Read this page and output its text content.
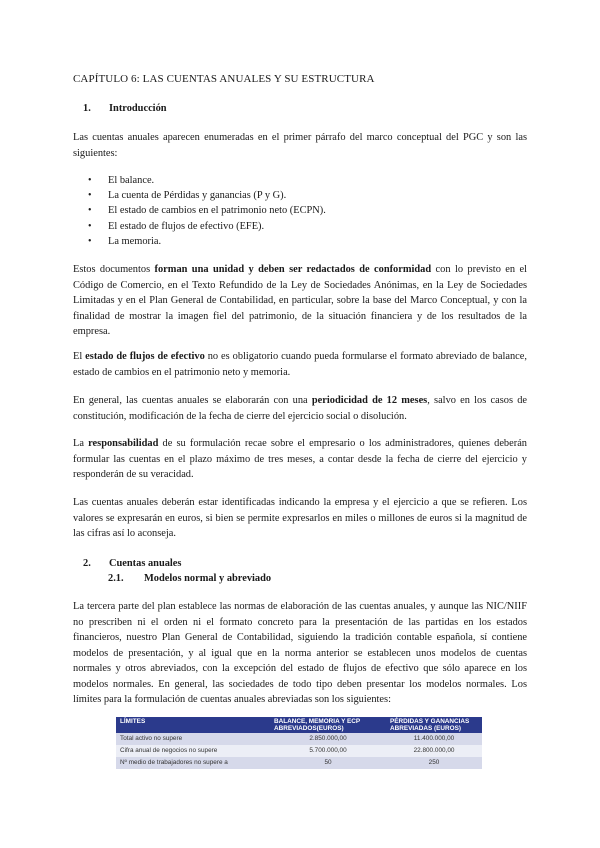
CAPÍTULO 6: LAS CUENTAS ANUALES Y SU ESTRUCTURA
1. Introducción
Las cuentas anuales aparecen enumeradas en el primer párrafo del marco conceptual del PGC y son las siguientes:
• El balance.
• La cuenta de Pérdidas y ganancias (P y G).
• El estado de cambios en el patrimonio neto (ECPN).
• El estado de flujos de efectivo (EFE).
• La memoria.
Estos documentos forman una unidad y deben ser redactados de conformidad con lo previsto en el Código de Comercio, en el Texto Refundido de la Ley de Sociedades Anónimas, en la Ley de Sociedades Limitadas y en el Plan General de Contabilidad, en particular, sobre la base del Marco Conceptual, y con la finalidad de mostrar la imagen fiel del patrimonio, de la situación financiera y de los resultados de la empresa.
El estado de flujos de efectivo no es obligatorio cuando pueda formularse el formato abreviado de balance, estado de cambios en el patrimonio neto y memoria.
En general, las cuentas anuales se elaborarán con una periodicidad de 12 meses, salvo en los casos de constitución, modificación de la fecha de cierre del ejercicio social o disolución.
La responsabilidad de su formulación recae sobre el empresario o los administradores, quienes deberán formular las cuentas en el plazo máximo de tres meses, a contar desde la fecha de cierre del ejercicio y responderán de su veracidad.
Las cuentas anuales deberán estar identificadas indicando la empresa y el ejercicio a que se refieren. Los valores se expresarán en euros, si bien se permite expresarlos en miles o millones de euros si la magnitud de las cifras así lo aconseja.
2. Cuentas anuales
2.1. Modelos normal y abreviado
La tercera parte del plan establece las normas de elaboración de las cuentas anuales, y aunque las NIC/NIIF no prescriben ni el orden ni el formato concreto para la presentación de las partidas en los estados financieros, nuestro Plan General de Contabilidad, siguiendo la tradición contable española, sí contiene modelos de presentación, y al igual que en la norma anterior se establecen unos modelos de cuentas normales y otros abreviados, con la excepción del estado de flujos de efectivo que sólo aparece en los modelos normales. En general, las sociedades de todo tipo deben presentar los modelos normales. Los límites para la formulación de cuentas anuales abreviadas son los siguientes:
LÍMITES	BALANCE, MEMORIA Y ECP ABREVIADOS(EUROS)	PÉRDIDAS Y GANANCIAS ABREVIADAS (EUROS)
Total activo no supere	2.850.000,00	11.400.000,00
Cifra anual de negocios no supere	5.700.000,00	22.800.000,00
Nº medio de trabajadores no supere a	50	250
